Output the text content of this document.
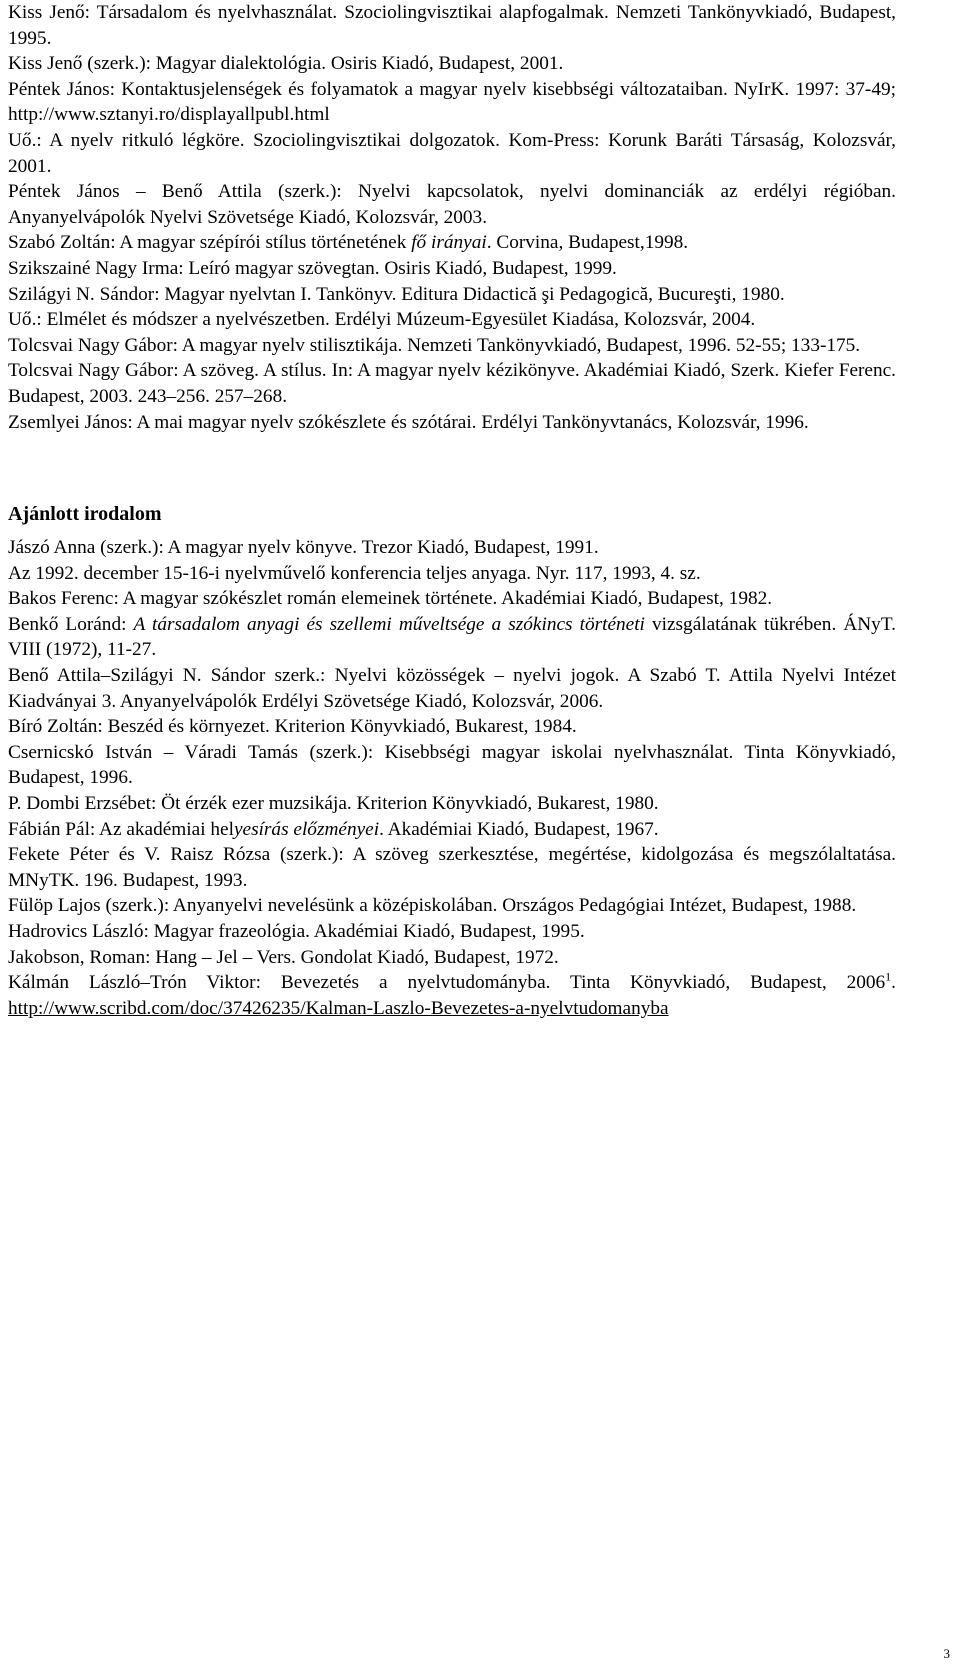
Kiss Jenő: Társadalom és nyelvhasználat. Szociolingvisztikai alapfogalmak. Nemzeti Tankönyvkiadó, Budapest, 1995.

Kiss Jenő (szerk.): Magyar dialektológia. Osiris Kiadó, Budapest, 2001.

Péntek János: Kontaktusjelenségek és folyamatok a magyar nyelv kisebbségi változataiban. NyIrK. 1997: 37-49; http://www.sztanyi.ro/displayallpubl.html

Uő.: A nyelv ritkuló légköre. Szociolingvisztikai dolgozatok. Kom-Press: Korunk Baráti Társaság, Kolozsvár, 2001.

Péntek János – Benő Attila (szerk.): Nyelvi kapcsolatok, nyelvi dominanciák az erdélyi régióban. Anyanyelvápolók Nyelvi Szövetsége Kiadó, Kolozsvár, 2003.

Szabó Zoltán: A magyar szépírói stílus történetének fő irányai. Corvina, Budapest,1998.

Szikszainé Nagy Irma: Leíró magyar szövegtan. Osiris Kiadó, Budapest, 1999.

Szilágyi N. Sándor: Magyar nyelvtan I. Tankönyv. Editura Didactică şi Pedagogică, Bucureşti, 1980.

Uő.: Elmélet és módszer a nyelvészetben. Erdélyi Múzeum-Egyesület Kiadása, Kolozsvár, 2004.

Tolcsvai Nagy Gábor: A magyar nyelv stilisztikája. Nemzeti Tankönyvkiadó, Budapest, 1996. 52-55; 133-175.

Tolcsvai Nagy Gábor: A szöveg. A stílus. In: A magyar nyelv kézikönyve. Akadémiai Kiadó, Szerk. Kiefer Ferenc. Budapest, 2003. 243–256. 257–268.

Zsemlyei János: A mai magyar nyelv szókészlete és szótárai. Erdélyi Tankönyvtanács, Kolozsvár, 1996.

Ajánlott irodalom

Jászó Anna (szerk.): A magyar nyelv könyve. Trezor Kiadó, Budapest, 1991.

Az 1992. december 15-16-i nyelvművelő konferencia teljes anyaga. Nyr. 117, 1993, 4. sz.

Bakos Ferenc: A magyar szókészlet román elemeinek története. Akadémiai Kiadó, Budapest, 1982.

Benkő Loránd: A társadalom anyagi és szellemi műveltsége a szókincs történeti vizsgálatának tükrében. ÁNyT. VIII (1972), 11-27.

Benő Attila–Szilágyi N. Sándor szerk.: Nyelvi közösségek – nyelvi jogok. A Szabó T. Attila Nyelvi Intézet Kiadványai 3. Anyanyelvápolók Erdélyi Szövetsége Kiadó, Kolozsvár, 2006.

Bíró Zoltán: Beszéd és környezet. Kriterion Könyvkiadó, Bukarest, 1984.

Csernicskó István – Váradi Tamás (szerk.): Kisebbségi magyar iskolai nyelvhasználat. Tinta Könyvkiadó, Budapest, 1996.

P. Dombi Erzsébet: Öt érzék ezer muzsikája. Kriterion Könyvkiadó, Bukarest, 1980.

Fábián Pál: Az akadémiai helyesírás előzményei. Akadémiai Kiadó, Budapest, 1967.

Fekete Péter és V. Raisz Rózsa (szerk.): A szöveg szerkesztése, megértése, kidolgozása és megszólaltatása. MNyTK. 196. Budapest, 1993.

Fülöp Lajos (szerk.): Anyanyelvi nevelésünk a középiskolában. Országos Pedagógiai Intézet, Budapest, 1988.

Hadrovics László: Magyar frazeológia. Akadémiai Kiadó, Budapest, 1995.

Jakobson, Roman: Hang – Jel – Vers. Gondolat Kiadó, Budapest, 1972.

Kálmán László–Trón Viktor: Bevezetés a nyelvtudományba. Tinta Könyvkiadó, Budapest, 2006$^1$. http://www.scribd.com/doc/37426235/Kalman-Laszlo-Bevezetes-a-nyelvtudomanyba

3
